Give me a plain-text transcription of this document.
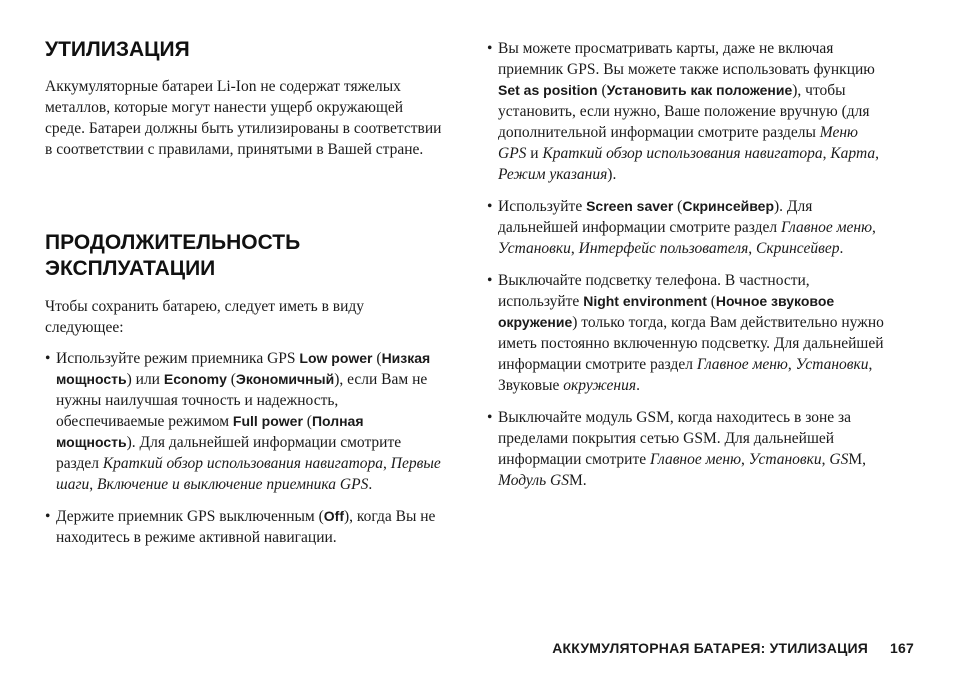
УТИЛИЗАЦИЯ

Аккумуляторные батареи Li-Ion не содержат тяжелых металлов, которые могут нанести ущерб окружающей среде. Батареи должны быть утилизированы в соответствии в соответствии с правилами, принятыми в Вашей стране.

ПРОДОЛЖИТЕЛЬНОСТЬ ЭКСПЛУАТАЦИИ

Чтобы сохранить батарею, следует иметь в виду следующее:

• Используйте режим приемника GPS Low power (Низкая мощность) или Economy (Экономичный), если Вам не нужны наилучшая точность и надежность, обеспечиваемые режимом Full power (Полная мощность). Для дальнейшей информации смотрите раздел Краткий обзор использования навигатора, Первые шаги, Включение и выключение приемника GPS.
• Держите приемник GPS выключенным (Off), когда Вы не находитесь в режиме активной навигации.
• Вы можете просматривать карты, даже не включая приемник GPS. Вы можете также использовать функцию Set as position (Установить как положение), чтобы установить, если нужно, Ваше положение вручную (для дополнительной информации смотрите разделы Меню GPS и Краткий обзор использования навигатора, Карта, Режим указания).
• Используйте Screen saver (Скринсейвер). Для дальнейшей информации смотрите раздел Главное меню, Установки, Интерфейс пользователя, Скринсейвер.
• Выключайте подсветку телефона. В частности, используйте Night environment (Ночное звуковое окружение) только тогда, когда Вам действительно нужно иметь постоянно включенную подсветку. Для дальнейшей информации смотрите раздел Главное меню, Установки, Звуковые окружения.
• Выключайте модуль GSM, когда находитесь в зоне за пределами покрытия сетью GSM. Для дальнейшей информации смотрите Главное меню, Установки, GSM, Модуль GSM.
АККУМУЛЯТОРНАЯ БАТАРЕЯ: УТИЛИЗАЦИЯ 167
